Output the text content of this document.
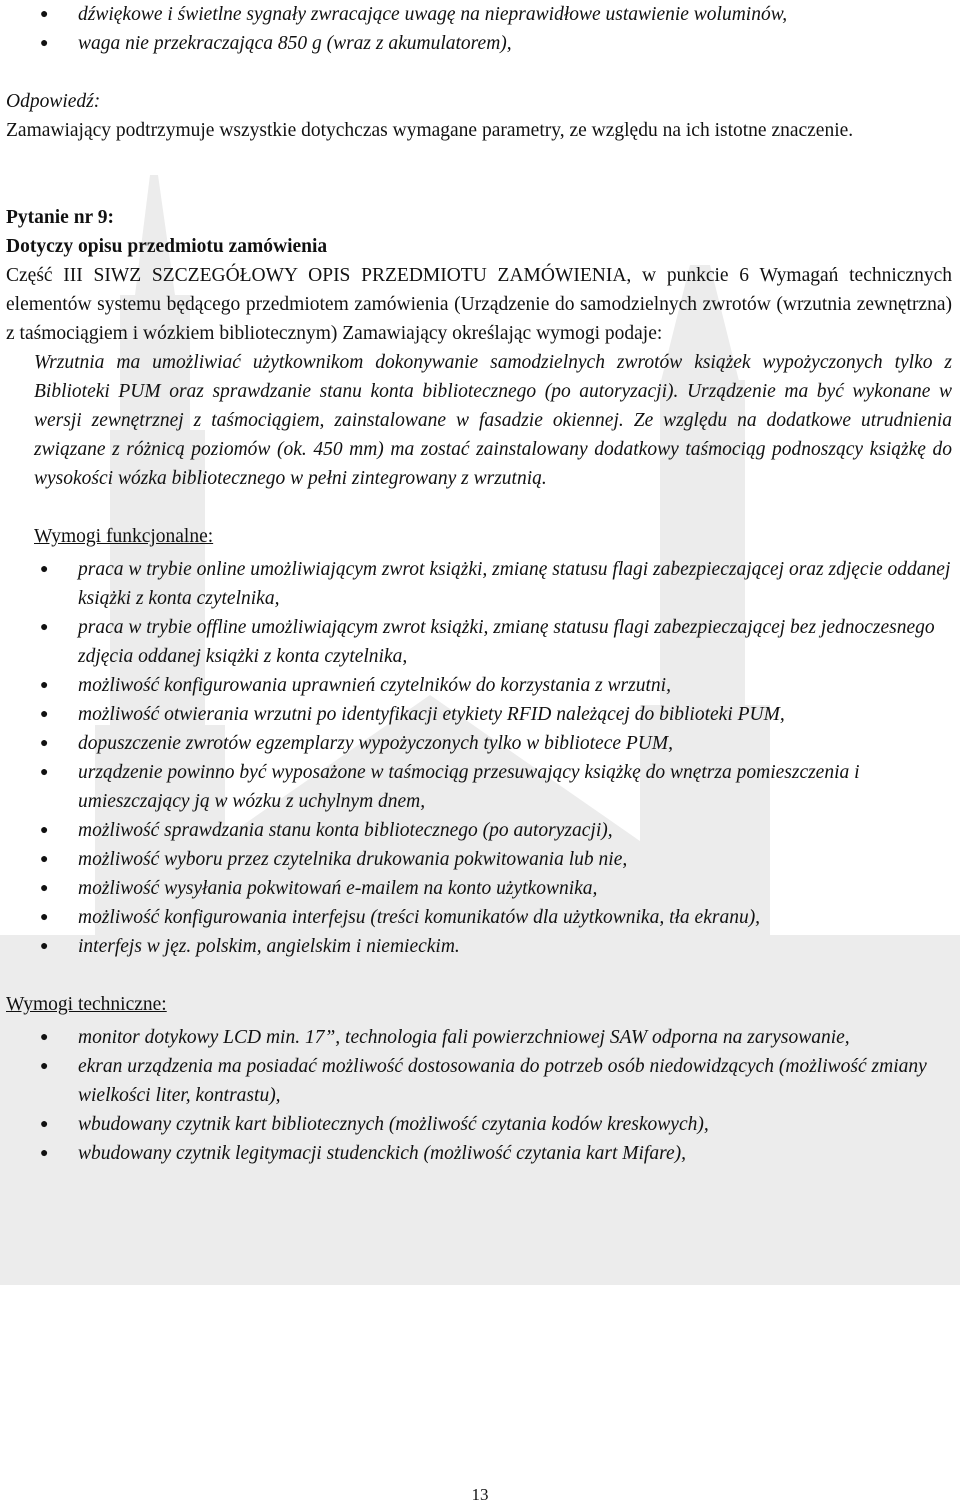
● dźwiękowe i świetlne sygnały zwracające uwagę na nieprawidłowe ustawienie woluminów,
● waga nie przekraczająca 850 g (wraz z akumulatorem),

Odpowiedź:

Zamawiający podtrzymuje wszystkie dotychczas wymagane parametry, ze względu na ich istotne znaczenie.

Pytanie nr 9:

Dotyczy opisu przedmiotu zamówienia

Część III SIWZ SZCZEGÓŁOWY OPIS PRZEDMIOTU ZAMÓWIENIA, w punkcie 6 Wymagań technicznych elementów systemu będącego przedmiotem zamówienia (Urządzenie do samodzielnych zwrotów (wrzutnia zewnętrzna) z taśmociągiem i wózkiem bibliotecznym) Zamawiający określając wymogi podaje:

Wrzutnia ma umożliwiać użytkownikom dokonywanie samodzielnych zwrotów książek wypożyczonych tylko z Biblioteki PUM oraz sprawdzanie stanu konta bibliotecznego (po autoryzacji). Urządzenie ma być wykonane w wersji zewnętrznej z taśmociągiem, zainstalowane w fasadzie okiennej. Ze względu na dodatkowe utrudnienia związane z różnicą poziomów (ok. 450 mm) ma zostać zainstalowany dodatkowy taśmociąg podnoszący książkę do wysokości wózka bibliotecznego w pełni zintegrowany z wrzutnią.

Wymogi funkcjonalne:

● praca w trybie online umożliwiającym zwrot książki, zmianę statusu flagi zabezpieczającej oraz zdjęcie oddanej książki z konta czytelnika,
● praca w trybie offline umożliwiającym zwrot książki, zmianę statusu flagi zabezpieczającej bez jednoczesnego zdjęcia oddanej książki z konta czytelnika,
● możliwość konfigurowania uprawnień czytelników do korzystania z wrzutni,
● możliwość otwierania wrzutni po identyfikacji etykiety RFID należącej do biblioteki PUM,
● dopuszczenie zwrotów egzemplarzy wypożyczonych tylko w bibliotece PUM,
● urządzenie powinno być wyposażone w taśmociąg przesuwający książkę do wnętrza pomieszczenia i umieszczający ją w wózku z uchylnym dnem,
● możliwość sprawdzania stanu konta bibliotecznego (po autoryzacji),
● możliwość wyboru przez czytelnika drukowania pokwitowania lub nie,
● możliwość wysyłania pokwitowań e-mailem na konto użytkownika,
● możliwość konfigurowania interfejsu (treści komunikatów dla użytkownika, tła ekranu),
● interfejs w jęz. polskim, angielskim i niemieckim.

Wymogi techniczne:

● monitor dotykowy LCD min. 17”, technologia fali powierzchniowej SAW odporna na zarysowanie,
● ekran urządzenia ma posiadać możliwość dostosowania do potrzeb osób niedowidzących (możliwość zmiany wielkości liter, kontrastu),
● wbudowany czytnik kart bibliotecznych (możliwość czytania kodów kreskowych),
● wbudowany czytnik legitymacji studenckich (możliwość czytania kart Mifare),
13
